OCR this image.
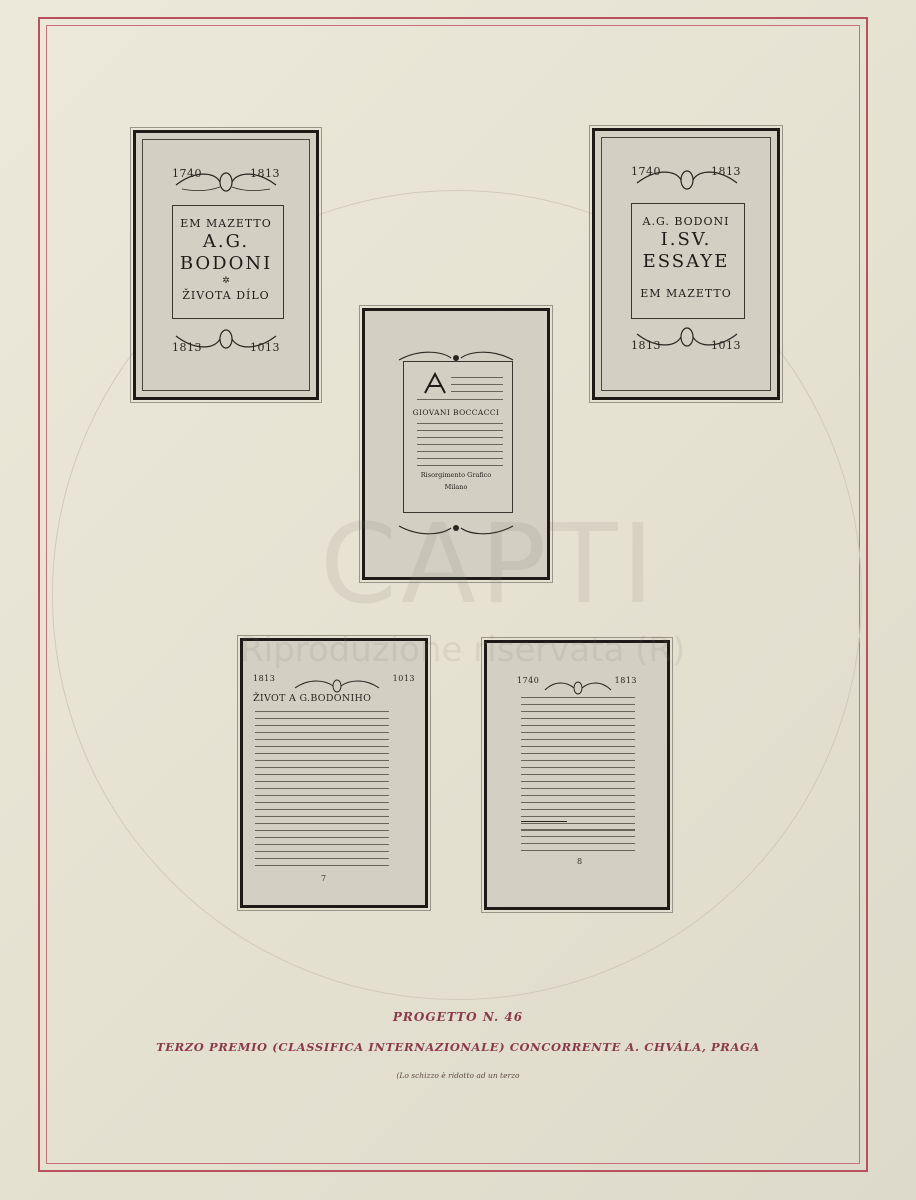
1740	1813
EM MAZETTO
A.G.
BODONI
✲
ŽIVOTA DÍLO
1813	1013
1740	1813
A.G. BODONI
I.SV.
ESSAYE
EM MAZETTO
1813	1013
GIOVANI BOCCACCI
Risorgimento Grafico
Milano
1813	1013
ŽIVOT A G.BODONIHO
7
1740	1813
8
CAPTI
Riproduzione riservata (R)
PROGETTO N. 46
TERZO PREMIO (CLASSIFICA INTERNAZIONALE) CONCORRENTE A. CHVÁLA, PRAGA
(Lo schizzo è ridotto ad un terzo
